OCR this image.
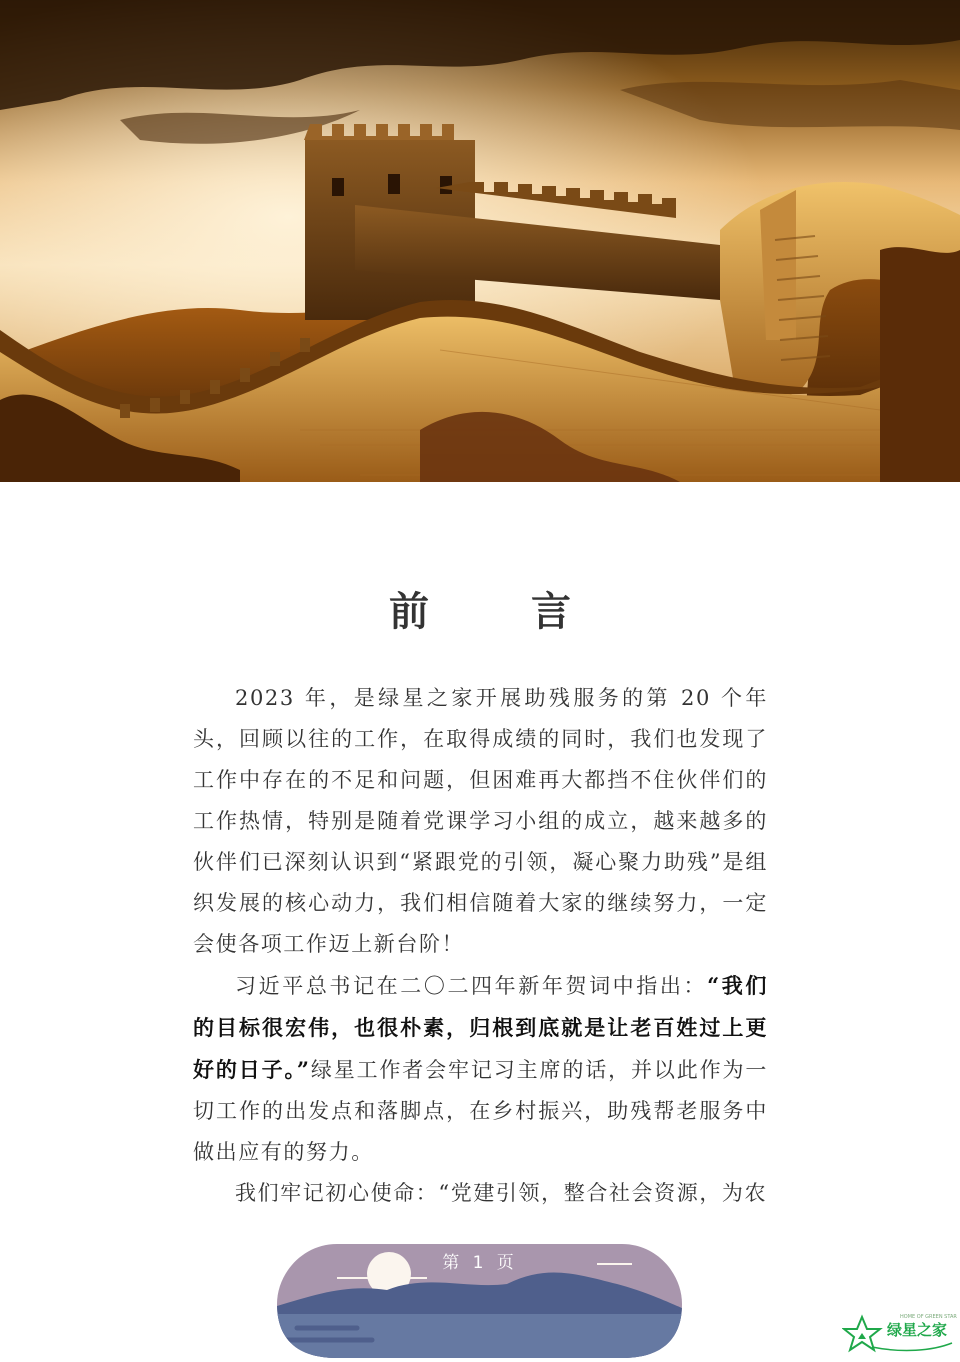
前 言

2023 年，是绿星之家开展助残服务的第 20 个年头，回顾以往的工作，在取得成绩的同时，我们也发现了工作中存在的不足和问题，但困难再大都挡不住伙伴们的工作热情，特别是随着党课学习小组的成立，越来越多的伙伴们已深刻认识到“紧跟党的引领，凝心聚力助残”是组织发展的核心动力，我们相信随着大家的继续努力，一定会使各项工作迈上新台阶！

习近平总书记在二〇二四年新年贺词中指出：“我们的目标很宏伟，也很朴素，归根到底就是让老百姓过上更好的日子。”绿星工作者会牢记习主席的话，并以此作为一切工作的出发点和落脚点，在乡村振兴，助残帮老服务中做出应有的努力。

我们牢记初心使命：“党建引领，整合社会资源，为农

第 1 页
HOME OF GREEN STAR
绿星之家
